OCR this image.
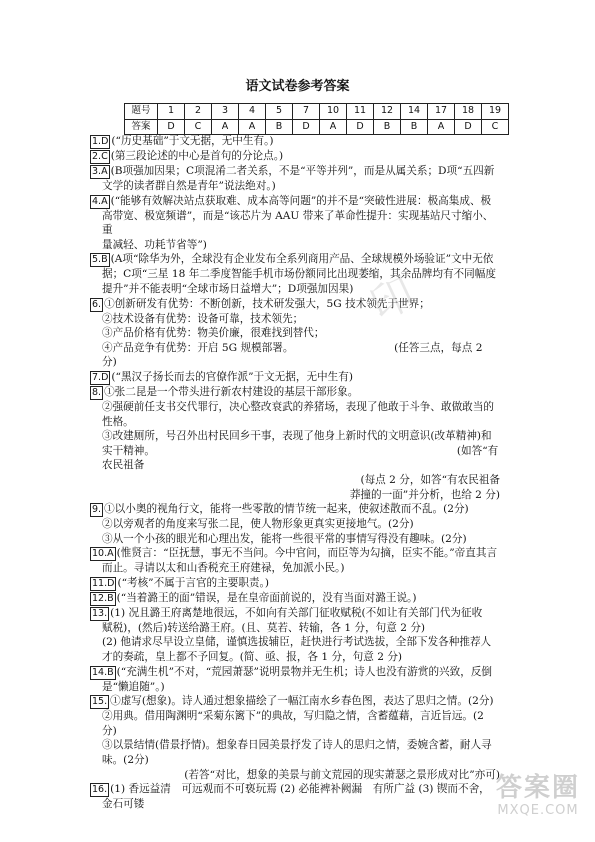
语文试卷参考答案
题号	1	2	3	4	5	7	10	11	12	14	17	18	19
答案	D	C	A	A	B	D	A	D	B	B	A	D	C
1.D (“历史基础”于文无据，无中生有。)
2.C (第三段论述的中心是首句的分论点。)
3.A (B项强加因果；C项混淆二者关系，不是“平等并列”，而是从属关系；D项“五四新
文学的读者群自然是青年”说法绝对。)
4.A (“能够有效解决站点获取难、成本高等问题”的并不是“突破性进展：极高集成、极
高带宽、极宽频谱”，而是“该芯片为 AAU 带来了革命性提升：实现基站尺寸缩小、重
量减轻、功耗节省等”)
5.B (A项“除华为外，全球没有企业发布全系列商用产品、全球规模外场验证”文中无依
据；C项“三星 18 年二季度智能手机市场份额同比出现萎缩，其余品牌均有不同幅度
提升”并不能表明“全球市场日益增大”；D项强加因果)
6. ①创新研发有优势：不断创新，技术研发强大，5G 技术领先于世界；
②技术设备有优势：设备可靠，技术领先；
③产品价格有优势：物美价廉，很难找到替代；
④产品竞争有优势：开启 5G 规模部署。　　　　　　　　　　(任答三点，每点 2 分)
7.D (“黑汉子扬长而去的官僚作派”于文无据，无中生有)
8. ①张二昆是一个带头进行新农村建设的基层干部形象。
②强硬前任支书交代罪行，决心整改衰武的养猪场，表现了他敢于斗争、敢做敢当的性格。
③改建厕所，号召外出村民回乡干事，表现了他身上新时代的文明意识(改革精神)和
实干精神。　　　　　　　　　　　　　　　　　　　　　　　　　　　　　(如答“有农民祖备
(每点 2 分，如答“有农民祖备
莽撞的一面”并分析，也给 2 分)
9. ①以小奥的视角行文，能将一些零散的情节统一起来，使叙述散而不乱。(2分)
②以旁观者的角度来写张二昆，使人物形象更真实更接地气。(2分)
③从一个小孩的眼光和心理出发，能将一些很平常的事情写得没有趣味。(2分)
10.A (惟贤言：“臣抚慧，事无不当问。今中官问，而臣等为勾摘，臣实不能。”帝直其言
而止。寻请以太和山香税充王府建禄，免加派小民。)
11.D (“考核”不属于言官的主要职责。)
12.B (“当着潞王的面”错误，是在皇帝面前说的，没有当面对潞王说。)
13. (1) 况且潞王府离楚地很远，不如向有关部门征收赋税(不如让有关部门代为征收
赋税)，(然后)转送给潞王府。(且、莫若、转输，各 1 分，句意 2 分)
(2) 他请求尽早设立皇储，谨慎选拔辅臣，赶快进行考试选拔，全部下发各种推荐人
才的奏疏，皇上都不予回复。(简、亟、报，各 1 分，句意 2 分)
14.B (“充满生机”不对，“荒园萧瑟”说明景物并无生机；诗人也没有游赏的兴致，反倒
是“懒追随”。)
15. ①虚写(想象)。诗人通过想象描绘了一幅江南水乡春色图，表达了思归之情。(2分)
②用典。借用陶渊明“采菊东篱下”的典故，写归隐之情，含蓄蕴藉，言近旨远。(2
分)
③以景结情(借景抒情)。想象春日园美景抒发了诗人的思归之情，委婉含蓄，耐人寻
味。(2分)
(若答“对比，想象的美景与前文荒园的现实萧瑟之景形成对比”亦可)
16. (1) 香远益清　可远观而不可亵玩焉 (2) 必能裨补阙漏　有所广益 (3) 锲而不舍，
金石可镂
印
答案圈
MXQE.COM
